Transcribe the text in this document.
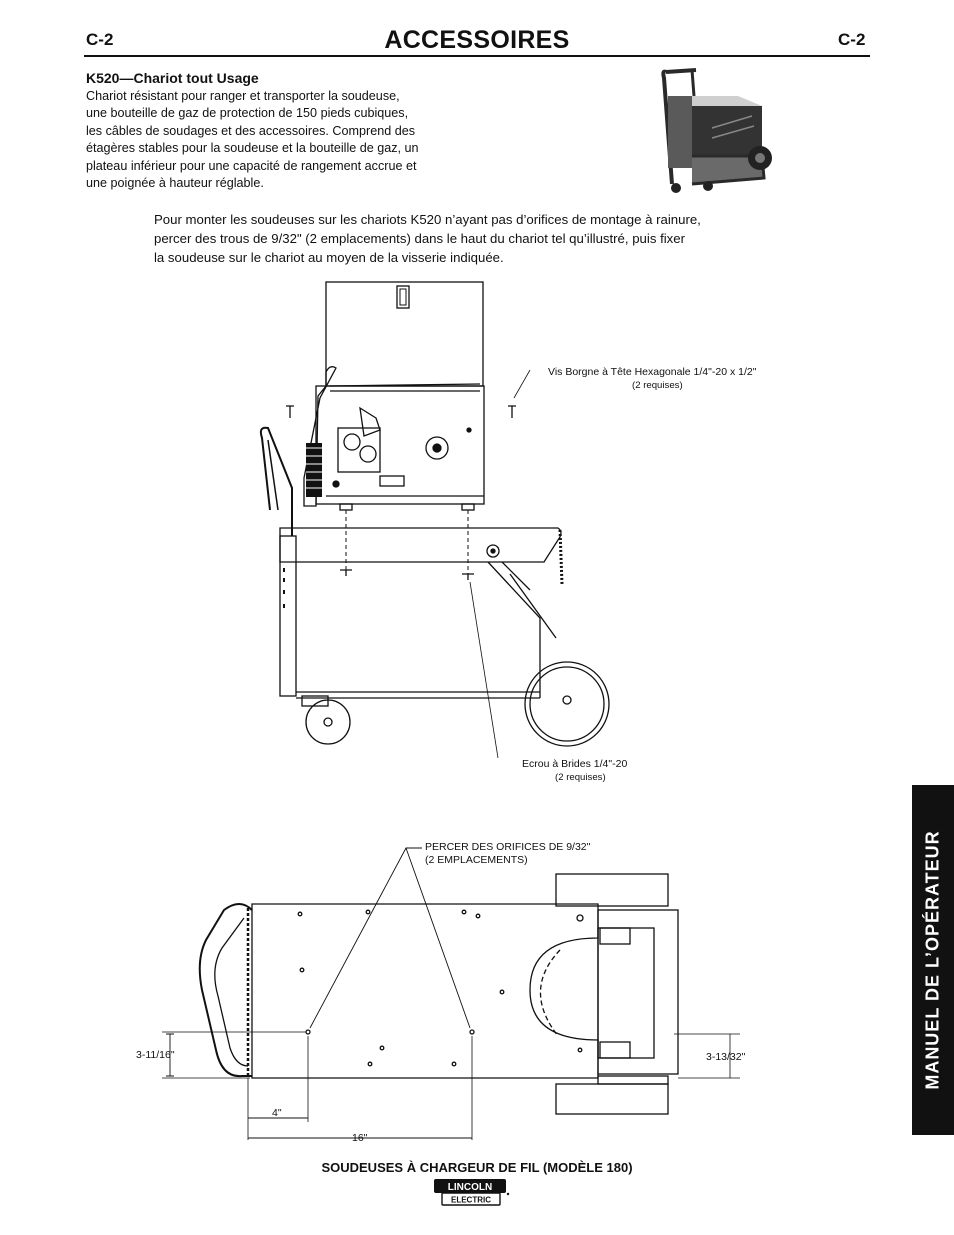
C-2	ACCESSOIRES	C-2
K520—Chariot tout Usage
Chariot résistant pour ranger et transporter la soudeuse,
une bouteille de gaz de protection de 150 pieds cubiques,
les câbles de soudages et des accessoires. Comprend des
étagères stables pour la soudeuse et la bouteille de gaz, un
plateau inférieur pour une capacité de rangement accrue et
une poignée à hauteur réglable.
Pour monter les soudeuses sur les chariots K520 n’ayant pas d’orifices de montage à rainure,
percer des trous de 9/32" (2 emplacements) dans le haut du chariot tel qu’illustré, puis fixer
la soudeuse sur le chariot au moyen de la visserie indiquée.
Vis Borgne à Tête Hexagonale 1/4"-20 x 1/2"
(2 requises)
Ecrou à Brides 1/4"-20
(2 requises)
PERCER DES ORIFICES DE 9/32"
(2 EMPLACEMENTS)
3-11/16"	3-13/32"
4"
16"
MANUEL DE L’OPÉRATEUR
SOUDEUSES À CHARGEUR DE FIL (MODÈLE 180)
LINCOLN
ELECTRIC
